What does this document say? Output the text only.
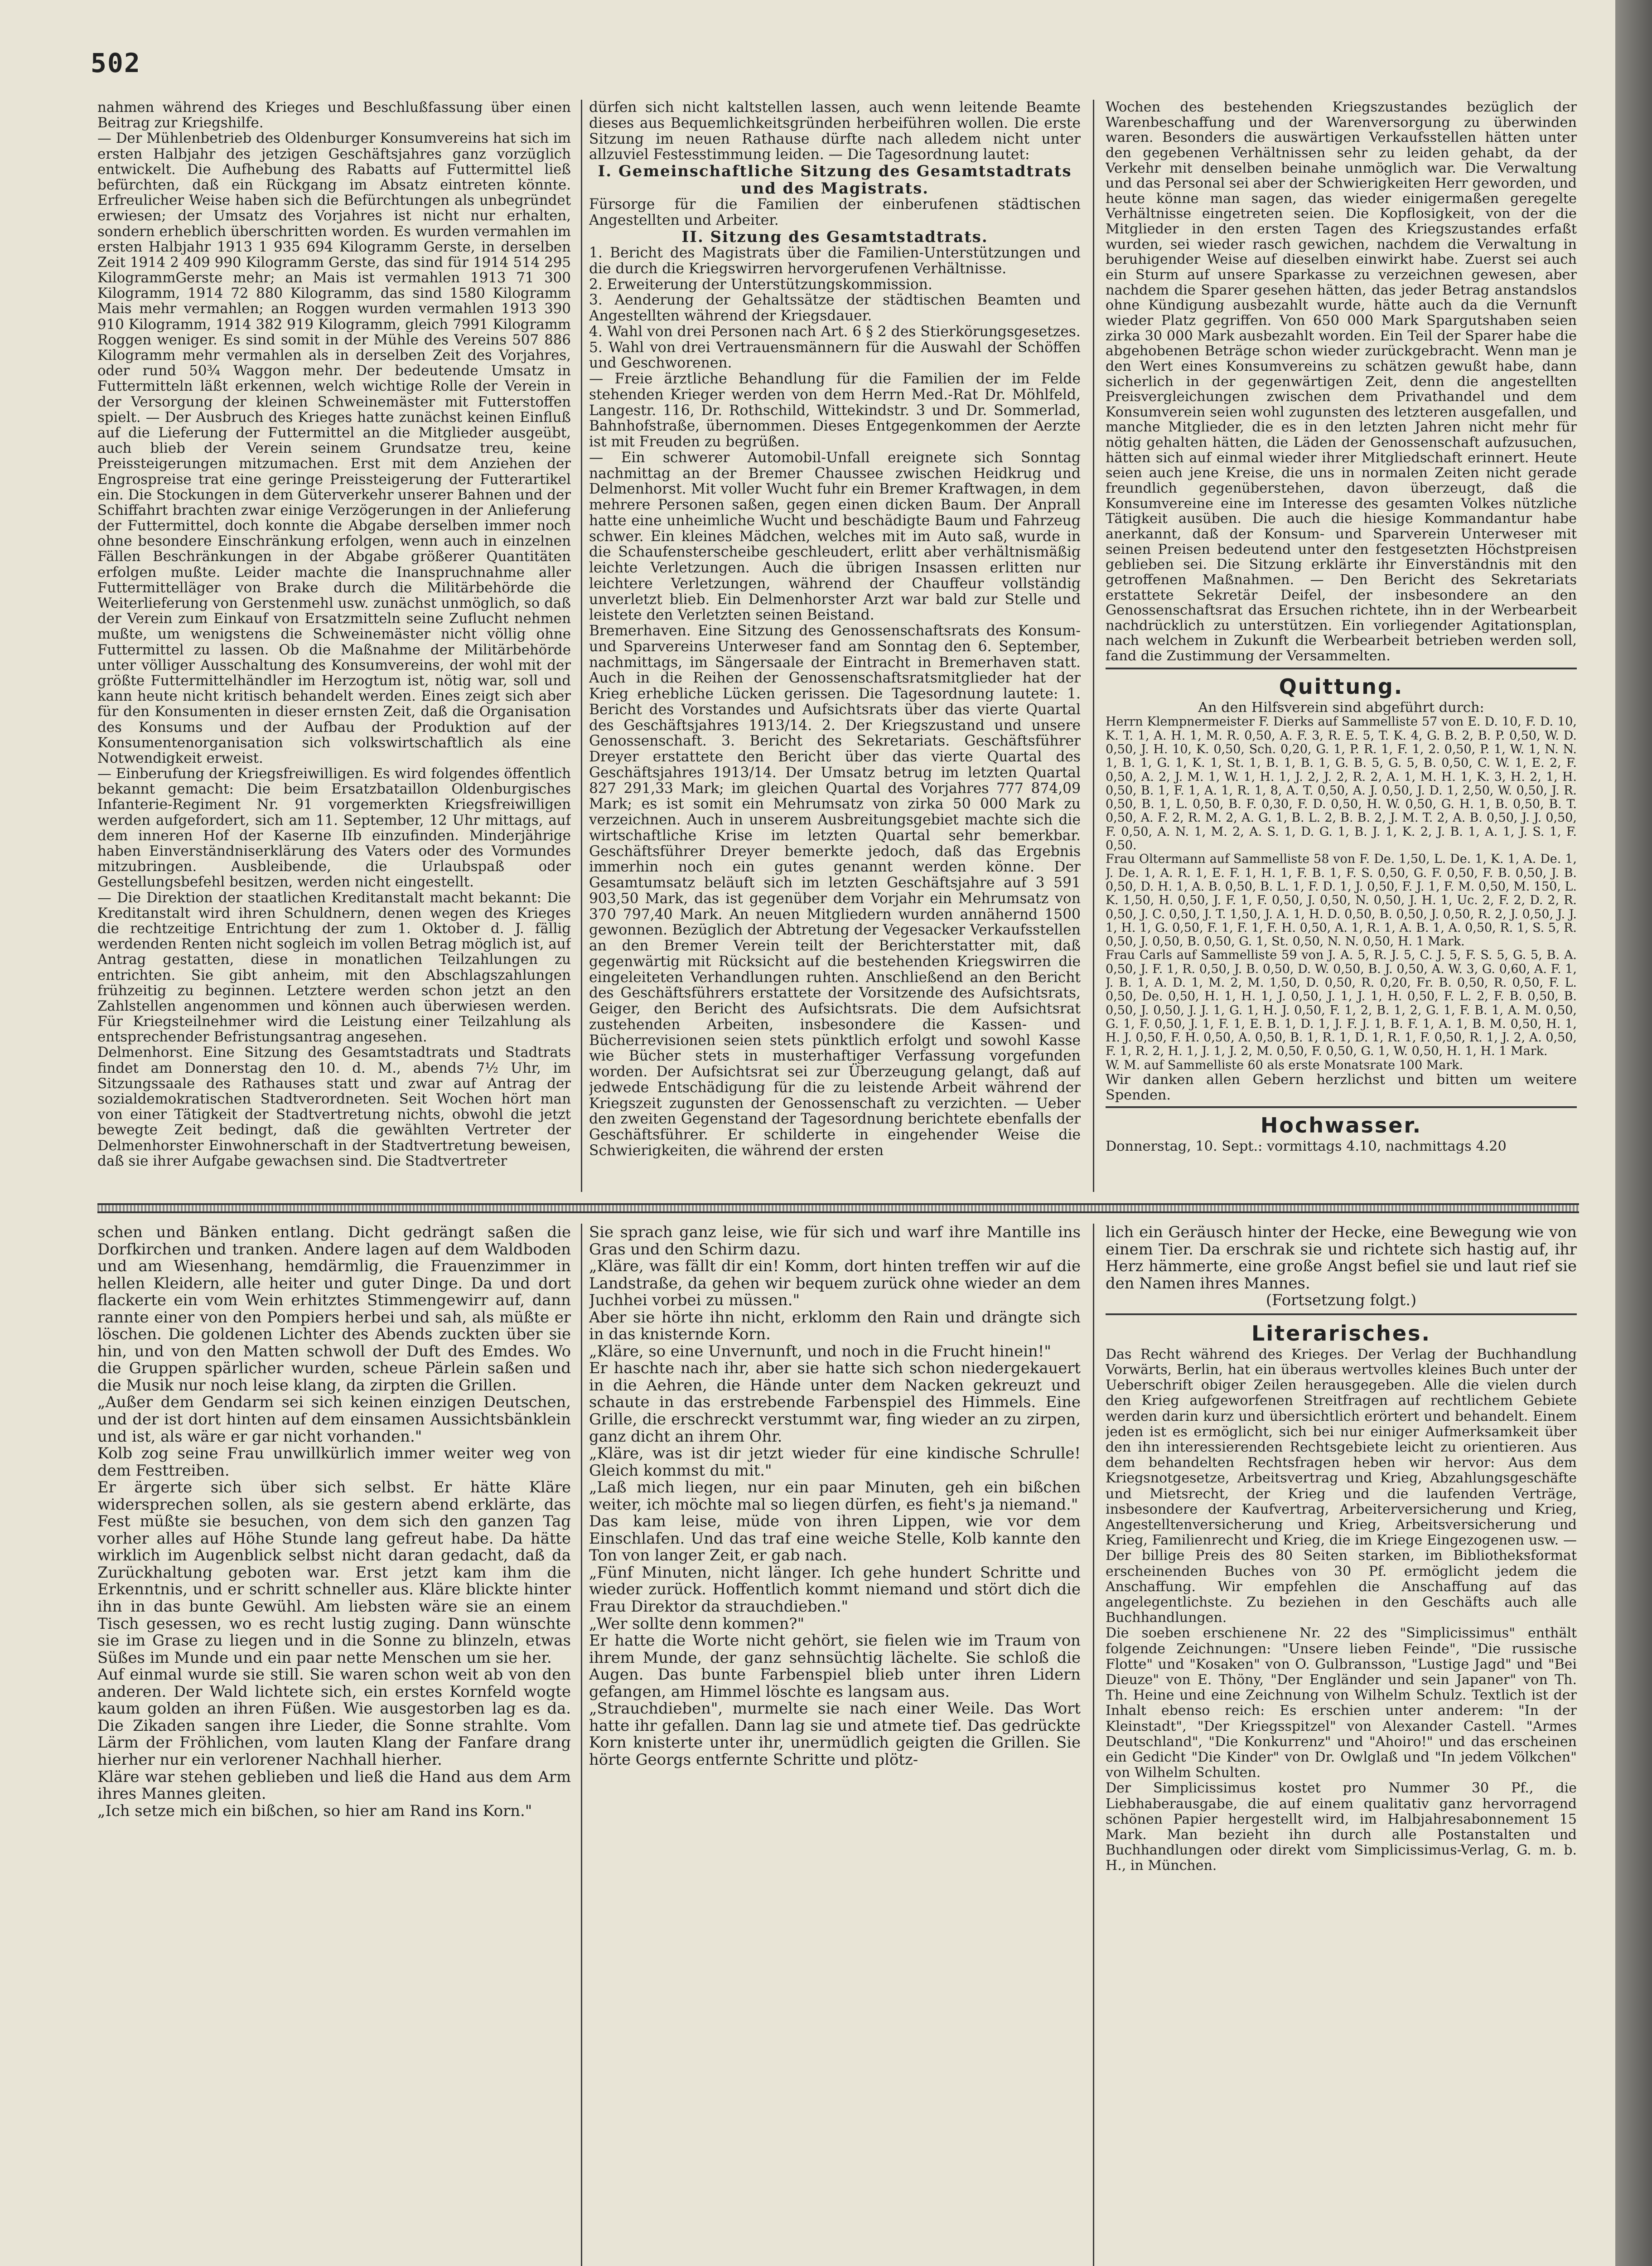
502

nahmen während des Krieges und Beschlußfassung über einen Beitrag zur Kriegshilfe.

— Der Mühlenbetrieb des Oldenburger Konsumvereins hat sich im ersten Halbjahr des jetzigen Geschäftsjahres ganz vorzüglich entwickelt. Die Aufhebung des Rabatts auf Futtermittel ließ befürchten, daß ein Rückgang im Absatz eintreten könnte. Erfreulicher Weise haben sich die Befürchtungen als unbegründet erwiesen; der Umsatz des Vorjahres ist nicht nur erhalten, sondern erheblich überschritten worden. Es wurden vermahlen im ersten Halbjahr 1913 1 935 694 Kilogramm Gerste, in derselben Zeit 1914 2 409 990 Kilogramm Gerste, das sind für 1914 514 295 KilogrammGerste mehr; an Mais ist vermahlen 1913 71 300 Kilogramm, 1914 72 880 Kilogramm, das sind 1580 Kilogramm Mais mehr vermahlen; an Roggen wurden vermahlen 1913 390 910 Kilogramm, 1914 382 919 Kilogramm, gleich 7991 Kilogramm Roggen weniger. Es sind somit in der Mühle des Vereins 507 886 Kilogramm mehr vermahlen als in derselben Zeit des Vorjahres, oder rund 50¾ Waggon mehr. Der bedeutende Umsatz in Futtermitteln läßt erkennen, welch wichtige Rolle der Verein in der Versorgung der kleinen Schweinemäster mit Futterstoffen spielt. — Der Ausbruch des Krieges hatte zunächst keinen Einfluß auf die Lieferung der Futtermittel an die Mitglieder ausgeübt, auch blieb der Verein seinem Grundsatze treu, keine Preissteigerungen mitzumachen. Erst mit dem Anziehen der Engrospreise trat eine geringe Preissteigerung der Futterartikel ein. Die Stockungen in dem Güterverkehr unserer Bahnen und der Schiffahrt brachten zwar einige Verzögerungen in der Anlieferung der Futtermittel, doch konnte die Abgabe derselben immer noch ohne besondere Einschränkung erfolgen, wenn auch in einzelnen Fällen Beschränkungen in der Abgabe größerer Quantitäten erfolgen mußte. Leider machte die Inanspruchnahme aller Futtermittelläger von Brake durch die Militärbehörde die Weiterlieferung von Gerstenmehl usw. zunächst unmöglich, so daß der Verein zum Einkauf von Ersatzmitteln seine Zuflucht nehmen mußte, um wenigstens die Schweinemäster nicht völlig ohne Futtermittel zu lassen. Ob die Maßnahme der Militärbehörde unter völliger Ausschaltung des Konsumvereins, der wohl mit der größte Futtermittelhändler im Herzogtum ist, nötig war, soll und kann heute nicht kritisch behandelt werden. Eines zeigt sich aber für den Konsumenten in dieser ernsten Zeit, daß die Organisation des Konsums und der Aufbau der Produktion auf der Konsumentenorganisation sich volkswirtschaftlich als eine Notwendigkeit erweist.

— Einberufung der Kriegsfreiwilligen. Es wird folgendes öffentlich bekannt gemacht: Die beim Ersatzbataillon Oldenburgisches Infanterie-Regiment Nr. 91 vorgemerkten Kriegsfreiwilligen werden aufgefordert, sich am 11. September, 12 Uhr mittags, auf dem inneren Hof der Kaserne IIb einzufinden. Minderjährige haben Einverständniserklärung des Vaters oder des Vormundes mitzubringen. Ausbleibende, die Urlaubspaß oder Gestellungsbefehl besitzen, werden nicht eingestellt.

— Die Direktion der staatlichen Kreditanstalt macht bekannt: Die Kreditanstalt wird ihren Schuldnern, denen wegen des Krieges die rechtzeitige Entrichtung der zum 1. Oktober d. J. fällig werdenden Renten nicht sogleich im vollen Betrag möglich ist, auf Antrag gestatten, diese in monatlichen Teilzahlungen zu entrichten. Sie gibt anheim, mit den Abschlagszahlungen frühzeitig zu beginnen. Letztere werden schon jetzt an den Zahlstellen angenommen und können auch überwiesen werden. Für Kriegsteilnehmer wird die Leistung einer Teilzahlung als entsprechender Befristungsantrag angesehen.

Delmenhorst. Eine Sitzung des Gesamtstadtrats und Stadtrats findet am Donnerstag den 10. d. M., abends 7½ Uhr, im Sitzungssaale des Rathauses statt und zwar auf Antrag der sozialdemokratischen Stadtverordneten. Seit Wochen hört man von einer Tätigkeit der Stadtvertretung nichts, obwohl die jetzt bewegte Zeit bedingt, daß die gewählten Vertreter der Delmenhorster Einwohnerschaft in der Stadtvertretung beweisen, daß sie ihrer Aufgabe gewachsen sind. Die Stadtvertreter

dürfen sich nicht kaltstellen lassen, auch wenn leitende Beamte dieses aus Bequemlichkeitsgründen herbeiführen wollen. Die erste Sitzung im neuen Rathause dürfte nach alledem nicht unter allzuviel Festesstimmung leiden. — Die Tagesordnung lautet:

I. Gemeinschaftliche Sitzung des Gesamtstadtrats und des Magistrats.

Fürsorge für die Familien der einberufenen städtischen Angestellten und Arbeiter.

II. Sitzung des Gesamtstadtrats.

1. Bericht des Magistrats über die Familien-Unterstützungen und die durch die Kriegswirren hervorgerufenen Verhältnisse.

2. Erweiterung der Unterstützungskommission.

3. Aenderung der Gehaltssätze der städtischen Beamten und Angestellten während der Kriegsdauer.

4. Wahl von drei Personen nach Art. 6 § 2 des Stierkörungsgesetzes.

5. Wahl von drei Vertrauensmännern für die Auswahl der Schöffen und Geschworenen.

— Freie ärztliche Behandlung für die Familien der im Felde stehenden Krieger werden von dem Herrn Med.-Rat Dr. Möhlfeld, Langestr. 116, Dr. Rothschild, Wittekindstr. 3 und Dr. Sommerlad, Bahnhofstraße, übernommen. Dieses Entgegenkommen der Aerzte ist mit Freuden zu begrüßen.

— Ein schwerer Automobil-Unfall ereignete sich Sonntag nachmittag an der Bremer Chaussee zwischen Heidkrug und Delmenhorst. Mit voller Wucht fuhr ein Bremer Kraftwagen, in dem mehrere Personen saßen, gegen einen dicken Baum. Der Anprall hatte eine unheimliche Wucht und beschädigte Baum und Fahrzeug schwer. Ein kleines Mädchen, welches mit im Auto saß, wurde in die Schaufensterscheibe geschleudert, erlitt aber verhältnismäßig leichte Verletzungen. Auch die übrigen Insassen erlitten nur leichtere Verletzungen, während der Chauffeur vollständig unverletzt blieb. Ein Delmenhorster Arzt war bald zur Stelle und leistete den Verletzten seinen Beistand.

Bremerhaven. Eine Sitzung des Genossenschaftsrats des Konsum- und Sparvereins Unterweser fand am Sonntag den 6. September, nachmittags, im Sängersaale der Eintracht in Bremerhaven statt. Auch in die Reihen der Genossenschaftsratsmitglieder hat der Krieg erhebliche Lücken gerissen. Die Tagesordnung lautete: 1. Bericht des Vorstandes und Aufsichtsrats über das vierte Quartal des Geschäftsjahres 1913/14. 2. Der Kriegszustand und unsere Genossenschaft. 3. Bericht des Sekretariats. Geschäftsführer Dreyer erstattete den Bericht über das vierte Quartal des Geschäftsjahres 1913/14. Der Umsatz betrug im letzten Quartal 827 291,33 Mark; im gleichen Quartal des Vorjahres 777 874,09 Mark; es ist somit ein Mehrumsatz von zirka 50 000 Mark zu verzeichnen. Auch in unserem Ausbreitungsgebiet machte sich die wirtschaftliche Krise im letzten Quartal sehr bemerkbar. Geschäftsführer Dreyer bemerkte jedoch, daß das Ergebnis immerhin noch ein gutes genannt werden könne. Der Gesamtumsatz beläuft sich im letzten Geschäftsjahre auf 3 591 903,50 Mark, das ist gegenüber dem Vorjahr ein Mehrumsatz von 370 797,40 Mark. An neuen Mitgliedern wurden annähernd 1500 gewonnen. Bezüglich der Abtretung der Vegesacker Verkaufsstellen an den Bremer Verein teilt der Berichterstatter mit, daß gegenwärtig mit Rücksicht auf die bestehenden Kriegswirren die eingeleiteten Verhandlungen ruhten. Anschließend an den Bericht des Geschäftsführers erstattete der Vorsitzende des Aufsichtsrats, Geiger, den Bericht des Aufsichtsrats. Die dem Aufsichtsrat zustehenden Arbeiten, insbesondere die Kassen- und Bücherrevisionen seien stets pünktlich erfolgt und sowohl Kasse wie Bücher stets in musterhaftiger Verfassung vorgefunden worden. Der Aufsichtsrat sei zur Überzeugung gelangt, daß auf jedwede Entschädigung für die zu leistende Arbeit während der Kriegszeit zugunsten der Genossenschaft zu verzichten. — Ueber den zweiten Gegenstand der Tagesordnung berichtete ebenfalls der Geschäftsführer. Er schilderte in eingehender Weise die Schwierigkeiten, die während der ersten

Wochen des bestehenden Kriegszustandes bezüglich der Warenbeschaffung und der Warenversorgung zu überwinden waren. Besonders die auswärtigen Verkaufsstellen hätten unter den gegebenen Verhältnissen sehr zu leiden gehabt, da der Verkehr mit denselben beinahe unmöglich war. Die Verwaltung und das Personal sei aber der Schwierigkeiten Herr geworden, und heute könne man sagen, das wieder einigermaßen geregelte Verhältnisse eingetreten seien. Die Kopflosigkeit, von der die Mitglieder in den ersten Tagen des Kriegszustandes erfaßt wurden, sei wieder rasch gewichen, nachdem die Verwaltung in beruhigender Weise auf dieselben einwirkt habe. Zuerst sei auch ein Sturm auf unsere Sparkasse zu verzeichnen gewesen, aber nachdem die Sparer gesehen hätten, das jeder Betrag anstandslos ohne Kündigung ausbezahlt wurde, hätte auch da die Vernunft wieder Platz gegriffen. Von 650 000 Mark Spargutshaben seien zirka 30 000 Mark ausbezahlt worden. Ein Teil der Sparer habe die abgehobenen Beträge schon wieder zurückgebracht. Wenn man je den Wert eines Konsumvereins zu schätzen gewußt habe, dann sicherlich in der gegenwärtigen Zeit, denn die angestellten Preisvergleichungen zwischen dem Privathandel und dem Konsumverein seien wohl zugunsten des letzteren ausgefallen, und manche Mitglieder, die es in den letzten Jahren nicht mehr für nötig gehalten hätten, die Läden der Genossenschaft aufzusuchen, hätten sich auf einmal wieder ihrer Mitgliedschaft erinnert. Heute seien auch jene Kreise, die uns in normalen Zeiten nicht gerade freundlich gegenüberstehen, davon überzeugt, daß die Konsumvereine eine im Interesse des gesamten Volkes nützliche Tätigkeit ausüben. Die auch die hiesige Kommandantur habe anerkannt, daß der Konsum- und Sparverein Unterweser mit seinen Preisen bedeutend unter den festgesetzten Höchstpreisen geblieben sei. Die Sitzung erklärte ihr Einverständnis mit den getroffenen Maßnahmen. — Den Bericht des Sekretariats erstattete Sekretär Deifel, der insbesondere an den Genossenschaftsrat das Ersuchen richtete, ihn in der Werbearbeit nachdrücklich zu unterstützen. Ein vorliegender Agitationsplan, nach welchem in Zukunft die Werbearbeit betrieben werden soll, fand die Zustimmung der Versammelten.

Quittung.

An den Hilfsverein sind abgeführt durch:

Herrn Klempnermeister F. Dierks auf Sammelliste 57 von E. D. 10, F. D. 10, K. T. 1, A. H. 1, M. R. 0,50, A. F. 3, R. E. 5, T. K. 4, G. B. 2, B. P. 0,50, W. D. 0,50, J. H. 10, K. 0,50, Sch. 0,20, G. 1, P. R. 1, F. 1, 2. 0,50, P. 1, W. 1, N. N. 1, B. 1, G. 1, K. 1, St. 1, B. 1, B. 1, G. B. 5, G. 5, B. 0,50, C. W. 1, E. 2, F. 0,50, A. 2, J. M. 1, W. 1, H. 1, J. 2, J. 2, R. 2, A. 1, M. H. 1, K. 3, H. 2, 1, H. 0,50, B. 1, F. 1, A. 1, R. 1, 8, A. T. 0,50, A. J. 0,50, J. D. 1, 2,50, W. 0,50, J. R. 0,50, B. 1, L. 0,50, B. F. 0,30, F. D. 0,50, H. W. 0,50, G. H. 1, B. 0,50, B. T. 0,50, A. F. 2, R. M. 2, A. G. 1, B. L. 2, B. B. 2, J. M. T. 2, A. B. 0,50, J. J. 0,50, F. 0,50, A. N. 1, M. 2, A. S. 1, D. G. 1, B. J. 1, K. 2, J. B. 1, A. 1, J. S. 1, F. 0,50.

Frau Oltermann auf Sammelliste 58 von F. De. 1,50, L. De. 1, K. 1, A. De. 1, J. De. 1, A. R. 1, E. F. 1, H. 1, F. B. 1, F. S. 0,50, G. F. 0,50, F. B. 0,50, J. B. 0,50, D. H. 1, A. B. 0,50, B. L. 1, F. D. 1, J. 0,50, F. J. 1, F. M. 0,50, M. 150, L. K. 1,50, H. 0,50, J. F. 1, F. 0,50, J. 0,50, N. 0,50, J. H. 1, Uc. 2, F. 2, D. 2, R. 0,50, J. C. 0,50, J. T. 1,50, J. A. 1, H. D. 0,50, B. 0,50, J. 0,50, R. 2, J. 0,50, J. J. 1, H. 1, G. 0,50, F. 1, F. 1, F. H. 0,50, A. 1, R. 1, A. B. 1, A. 0,50, R. 1, S. 5, R. 0,50, J. 0,50, B. 0,50, G. 1, St. 0,50, N. N. 0,50, H. 1 Mark.

Frau Carls auf Sammelliste 59 von J. A. 5, R. J. 5, C. J. 5, F. S. 5, G. 5, B. A. 0,50, J. F. 1, R. 0,50, J. B. 0,50, D. W. 0,50, B. J. 0,50, A. W. 3, G. 0,60, A. F. 1, J. B. 1, A. D. 1, M. 2, M. 1,50, D. 0,50, R. 0,20, Fr. B. 0,50, R. 0,50, F. L. 0,50, De. 0,50, H. 1, H. 1, J. 0,50, J. 1, J. 1, H. 0,50, F. L. 2, F. B. 0,50, B. 0,50, J. 0,50, J. J. 1, G. 1, H. J. 0,50, F. 1, 2, B. 1, 2, G. 1, F. B. 1, A. M. 0,50, G. 1, F. 0,50, J. 1, F. 1, E. B. 1, D. 1, J. F. J. 1, B. F. 1, A. 1, B. M. 0,50, H. 1, H. J. 0,50, F. H. 0,50, A. 0,50, B. 1, R. 1, D. 1, R. 1, F. 0,50, R. 1, J. 2, A. 0,50, F. 1, R. 2, H. 1, J. 1, J. 2, M. 0,50, F. 0,50, G. 1, W. 0,50, H. 1, H. 1 Mark.

W. M. auf Sammelliste 60 als erste Monatsrate 100 Mark.

Wir danken allen Gebern herzlichst und bitten um weitere Spenden.

Hochwasser.

Donnerstag, 10. Sept.: vormittags 4.10, nachmittags 4.20

schen und Bänken entlang. Dicht gedrängt saßen die Dorfkirchen und tranken. Andere lagen auf dem Waldboden und am Wiesenhang, hemdärmlig, die Frauenzimmer in hellen Kleidern, alle heiter und guter Dinge. Da und dort flackerte ein vom Wein erhitztes Stimmengewirr auf, dann rannte einer von den Pompiers herbei und sah, als müßte er löschen. Die goldenen Lichter des Abends zuckten über sie hin, und von den Matten schwoll der Duft des Emdes. Wo die Gruppen spärlicher wurden, scheue Pärlein saßen und die Musik nur noch leise klang, da zirpten die Grillen.

„Außer dem Gendarm sei sich keinen einzigen Deutschen, und der ist dort hinten auf dem einsamen Aussichtsbänklein und ist, als wäre er gar nicht vorhanden."

Kolb zog seine Frau unwillkürlich immer weiter weg von dem Festtreiben.

Er ärgerte sich über sich selbst. Er hätte Kläre widersprechen sollen, als sie gestern abend erklärte, das Fest müßte sie besuchen, von dem sich den ganzen Tag vorher alles auf Höhe Stunde lang gefreut habe. Da hätte wirklich im Augenblick selbst nicht daran gedacht, daß da Zurückhaltung geboten war. Erst jetzt kam ihm die Erkenntnis, und er schritt schneller aus. Kläre blickte hinter ihn in das bunte Gewühl. Am liebsten wäre sie an einem Tisch gesessen, wo es recht lustig zuging. Dann wünschte sie im Grase zu liegen und in die Sonne zu blinzeln, etwas Süßes im Munde und ein paar nette Menschen um sie her.

Auf einmal wurde sie still. Sie waren schon weit ab von den anderen. Der Wald lichtete sich, ein erstes Kornfeld wogte kaum golden an ihren Füßen. Wie ausgestorben lag es da. Die Zikaden sangen ihre Lieder, die Sonne strahlte. Vom Lärm der Fröhlichen, vom lauten Klang der Fanfare drang hierher nur ein verlorener Nachhall hierher.

Kläre war stehen geblieben und ließ die Hand aus dem Arm ihres Mannes gleiten.

„Ich setze mich ein bißchen, so hier am Rand ins Korn."

Sie sprach ganz leise, wie für sich und warf ihre Mantille ins Gras und den Schirm dazu.

„Kläre, was fällt dir ein! Komm, dort hinten treffen wir auf die Landstraße, da gehen wir bequem zurück ohne wieder an dem Juchhei vorbei zu müssen."

Aber sie hörte ihn nicht, erklomm den Rain und drängte sich in das knisternde Korn.

„Kläre, so eine Unvernunft, und noch in die Frucht hinein!"

Er haschte nach ihr, aber sie hatte sich schon niedergekauert in die Aehren, die Hände unter dem Nacken gekreuzt und schaute in das erstrebende Farbenspiel des Himmels. Eine Grille, die erschreckt verstummt war, fing wieder an zu zirpen, ganz dicht an ihrem Ohr.

„Kläre, was ist dir jetzt wieder für eine kindische Schrulle! Gleich kommst du mit."

„Laß mich liegen, nur ein paar Minuten, geh ein bißchen weiter, ich möchte mal so liegen dürfen, es fieht's ja niemand."

Das kam leise, müde von ihren Lippen, wie vor dem Einschlafen. Und das traf eine weiche Stelle, Kolb kannte den Ton von langer Zeit, er gab nach.

„Fünf Minuten, nicht länger. Ich gehe hundert Schritte und wieder zurück. Hoffentlich kommt niemand und stört dich die Frau Direktor da strauchdieben."

„Wer sollte denn kommen?"

Er hatte die Worte nicht gehört, sie fielen wie im Traum von ihrem Munde, der ganz sehnsüchtig lächelte. Sie schloß die Augen. Das bunte Farbenspiel blieb unter ihren Lidern gefangen, am Himmel löschte es langsam aus.

„Strauchdieben", murmelte sie nach einer Weile. Das Wort hatte ihr gefallen. Dann lag sie und atmete tief. Das gedrückte Korn knisterte unter ihr, unermüdlich geigten die Grillen. Sie hörte Georgs entfernte Schritte und plötz-

lich ein Geräusch hinter der Hecke, eine Bewegung wie von einem Tier. Da erschrak sie und richtete sich hastig auf, ihr Herz hämmerte, eine große Angst befiel sie und laut rief sie den Namen ihres Mannes.

(Fortsetzung folgt.)

Literarisches.

Das Recht während des Krieges. Der Verlag der Buchhandlung Vorwärts, Berlin, hat ein überaus wertvolles kleines Buch unter der Ueberschrift obiger Zeilen herausgegeben. Alle die vielen durch den Krieg aufgeworfenen Streitfragen auf rechtlichem Gebiete werden darin kurz und übersichtlich erörtert und behandelt. Einem jeden ist es ermöglicht, sich bei nur einiger Aufmerksamkeit über den ihn interessierenden Rechtsgebiete leicht zu orientieren. Aus dem behandelten Rechtsfragen heben wir hervor: Aus dem Kriegsnotgesetze, Arbeitsvertrag und Krieg, Abzahlungsgeschäfte und Mietsrecht, der Krieg und die laufenden Verträge, insbesondere der Kaufvertrag, Arbeiterversicherung und Krieg, Angestelltenversicherung und Krieg, Arbeitsversicherung und Krieg, Familienrecht und Krieg, die im Kriege Eingezogenen usw. — Der billige Preis des 80 Seiten starken, im Bibliotheksformat erscheinenden Buches von 30 Pf. ermöglicht jedem die Anschaffung. Wir empfehlen die Anschaffung auf das angelegentlichste. Zu beziehen in den Geschäfts auch alle Buchhandlungen.

Die soeben erschienene Nr. 22 des "Simplicissimus" enthält folgende Zeichnungen: "Unsere lieben Feinde", "Die russische Flotte" und "Kosaken" von O. Gulbransson, "Lustige Jagd" und "Bei Dieuze" von E. Thöny, "Der Engländer und sein Japaner" von Th. Th. Heine und eine Zeichnung von Wilhelm Schulz. Textlich ist der Inhalt ebenso reich: Es erschien unter anderem: "In der Kleinstadt", "Der Kriegsspitzel" von Alexander Castell. "Armes Deutschland", "Die Konkurrenz" und "Ahoiro!" und das erscheinen ein Gedicht "Die Kinder" von Dr. Owlglaß und "In jedem Völkchen" von Wilhelm Schulten.

Der Simplicissimus kostet pro Nummer 30 Pf., die Liebhaberausgabe, die auf einem qualitativ ganz hervorragend schönen Papier hergestellt wird, im Halbjahresabonnement 15 Mark. Man bezieht ihn durch alle Postanstalten und Buchhandlungen oder direkt vom Simplicissimus-Verlag, G. m. b. H., in München.
